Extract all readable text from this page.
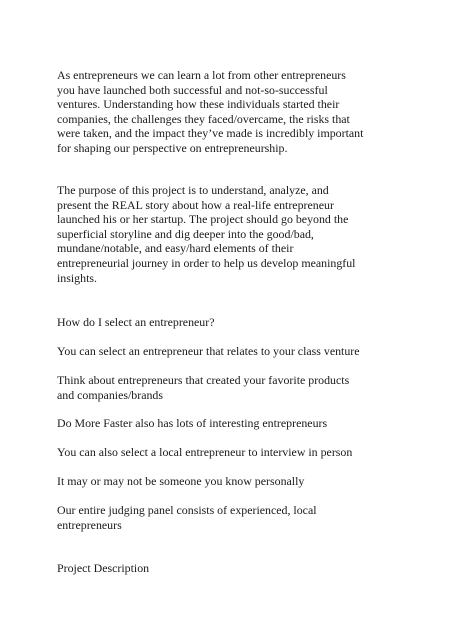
As entrepreneurs we can learn a lot from other entrepreneurs
you have launched both successful and not-so-successful
ventures. Understanding how these individuals started their
companies, the challenges they faced/overcame, the risks that
were taken, and the impact they’ve made is incredibly important
for shaping our perspective on entrepreneurship.

The purpose of this project is to understand, analyze, and
present the REAL story about how a real-life entrepreneur
launched his or her startup. The project should go beyond the
superficial storyline and dig deeper into the good/bad,
mundane/notable, and easy/hard elements of their
entrepreneurial journey in order to help us develop meaningful
insights.

How do I select an entrepreneur?

You can select an entrepreneur that relates to your class venture

Think about entrepreneurs that created your favorite products
and companies/brands

Do More Faster also has lots of interesting entrepreneurs

You can also select a local entrepreneur to interview in person

It may or may not be someone you know personally

Our entire judging panel consists of experienced, local
entrepreneurs

Project Description
